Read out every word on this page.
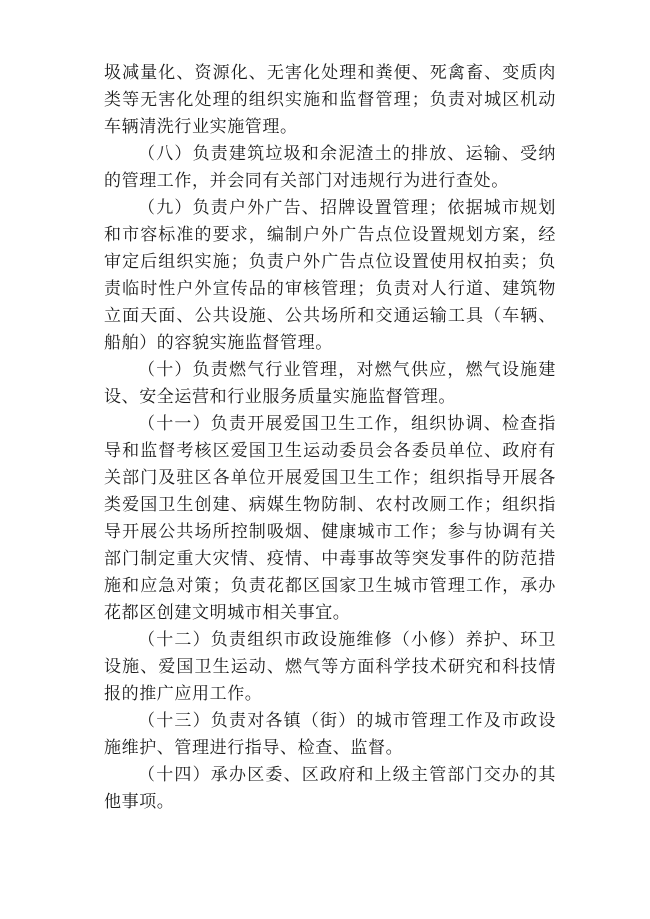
圾减量化、资源化、无害化处理和粪便、死禽畜、变质肉类等无害化处理的组织实施和监督管理；负责对城区机动车辆清洗行业实施管理。

（八）负责建筑垃圾和余泥渣土的排放、运输、受纳的管理工作，并会同有关部门对违规行为进行查处。

（九）负责户外广告、招牌设置管理；依据城市规划和市容标准的要求，编制户外广告点位设置规划方案，经审定后组织实施；负责户外广告点位设置使用权拍卖；负责临时性户外宣传品的审核管理；负责对人行道、建筑物立面天面、公共设施、公共场所和交通运输工具（车辆、船舶）的容貌实施监督管理。

（十）负责燃气行业管理，对燃气供应，燃气设施建设、安全运营和行业服务质量实施监督管理。

（十一）负责开展爱国卫生工作，组织协调、检查指导和监督考核区爱国卫生运动委员会各委员单位、政府有关部门及驻区各单位开展爱国卫生工作；组织指导开展各类爱国卫生创建、病媒生物防制、农村改厕工作；组织指导开展公共场所控制吸烟、健康城市工作；参与协调有关部门制定重大灾情、疫情、中毒事故等突发事件的防范措施和应急对策；负责花都区国家卫生城市管理工作，承办花都区创建文明城市相关事宜。

（十二）负责组织市政设施维修（小修）养护、环卫设施、爱国卫生运动、燃气等方面科学技术研究和科技情报的推广应用工作。

（十三）负责对各镇（街）的城市管理工作及市政设施维护、管理进行指导、检查、监督。

（十四）承办区委、区政府和上级主管部门交办的其他事项。
